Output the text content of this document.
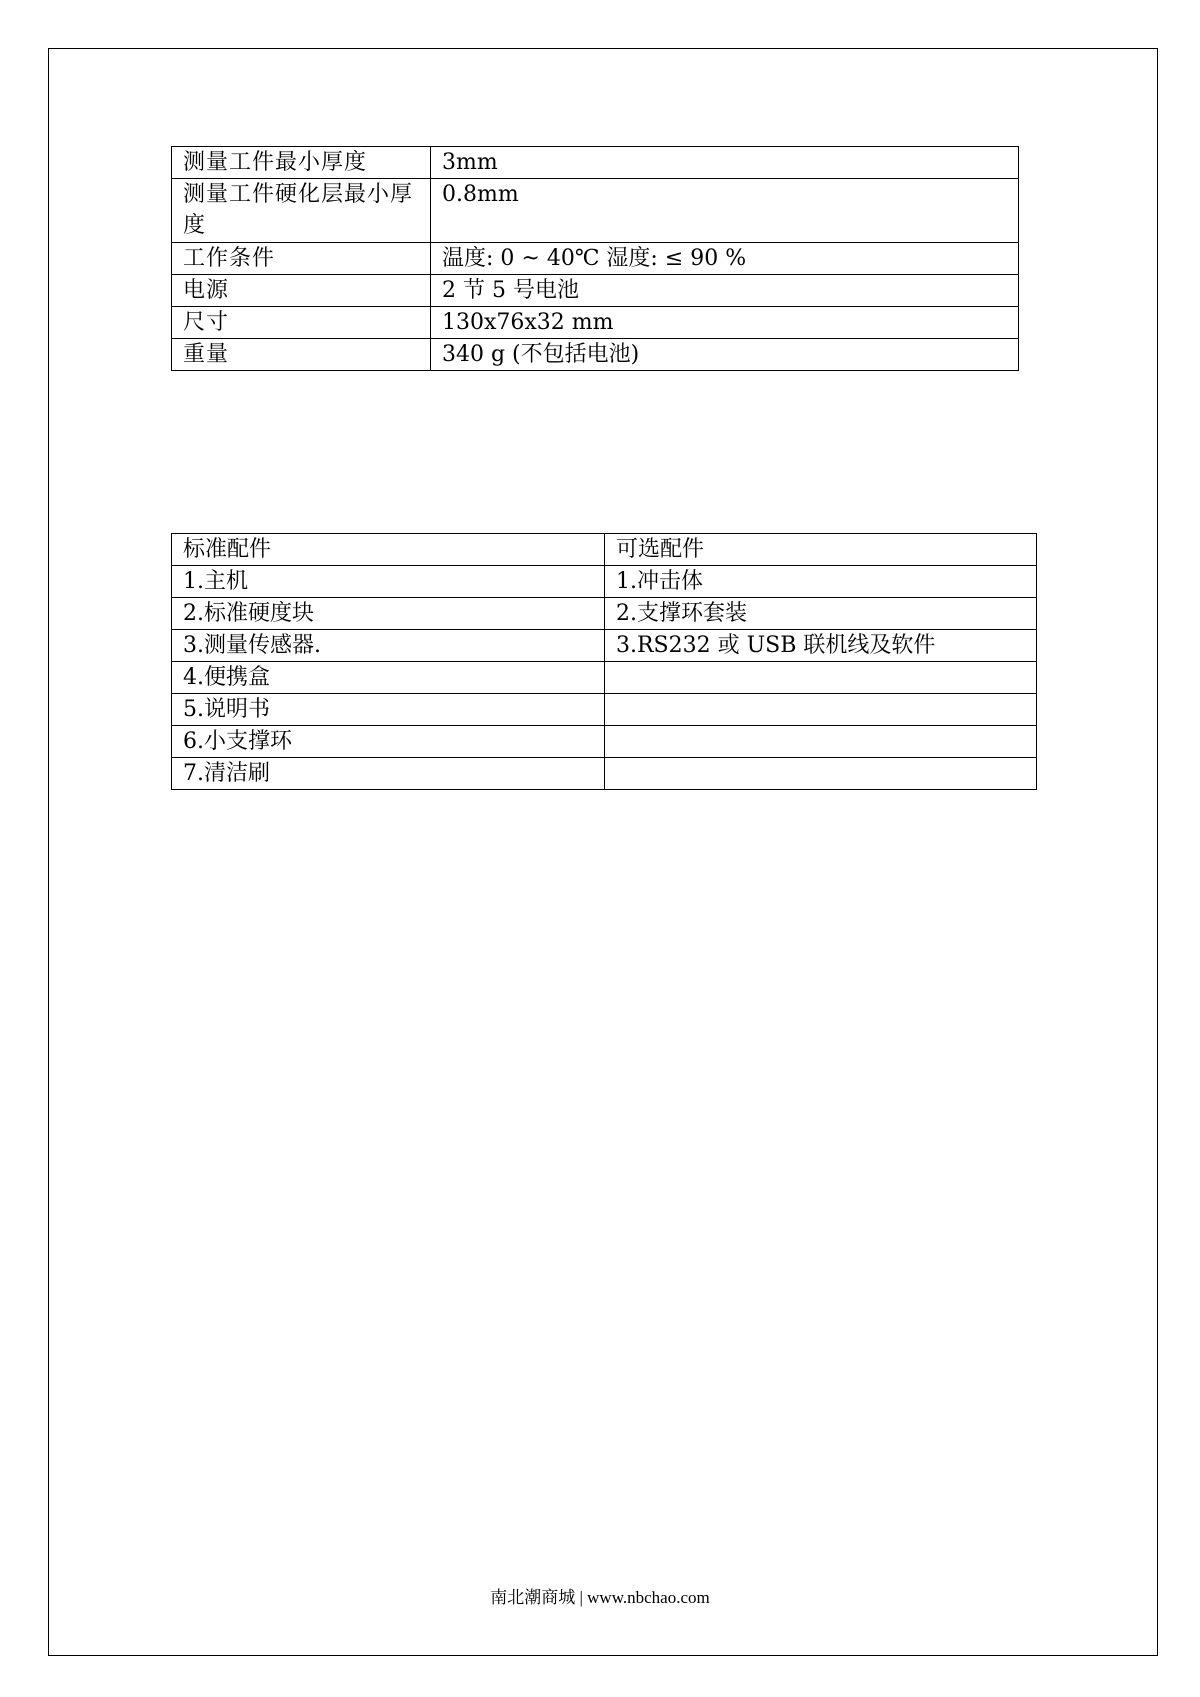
测量工件最小厚度	3mm
测量工件硬化层最小厚度	0.8mm
工作条件	温度: 0 ~ 40℃ 湿度: ≤ 90 %
电源	2 节 5 号电池
尺寸	130x76x32 mm
重量	340 g (不包括电池)
标准配件	可选配件
1.主机	1.冲击体
2.标准硬度块	2.支撑环套装
3.测量传感器.	3.RS232 或 USB 联机线及软件
4.便携盒	
5.说明书	
6.小支撑环	
7.清洁刷	
南北潮商城 | www.nbchao.com
